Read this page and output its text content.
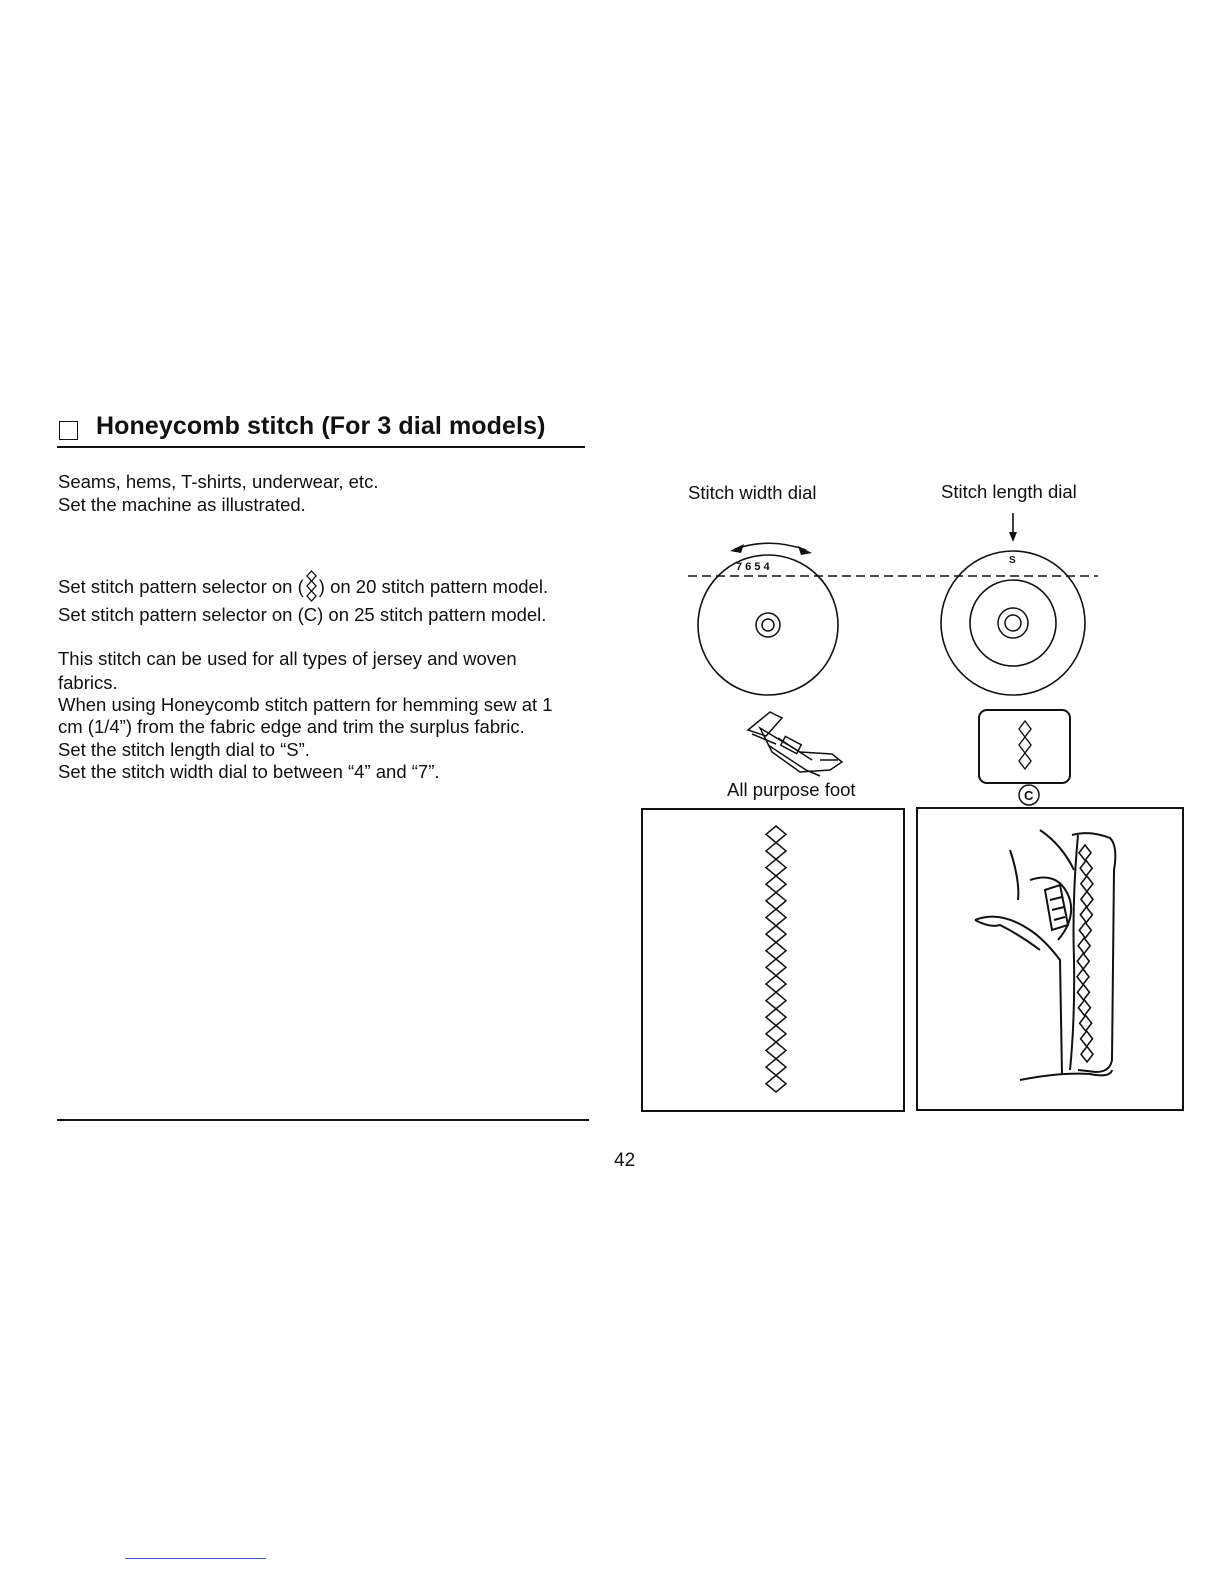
Honeycomb stitch (For 3 dial models)
Seams, hems, T-shirts, underwear, etc.
Set the machine as illustrated.
Set stitch pattern selector on ( ) on 20 stitch pattern model.
Set stitch pattern selector on (C) on 25 stitch pattern model.
This stitch can be used for all types of jersey and woven
fabrics.
When using Honeycomb stitch pattern for hemming sew at 1
cm (1/4”) from the fabric edge and trim the surplus fabric.
Set the stitch length dial to “S”.
Set the stitch width dial to between “4” and “7”.
Stitch width dial	Stitch length dial
All purpose foot
7 6 5 4
S
C
42
